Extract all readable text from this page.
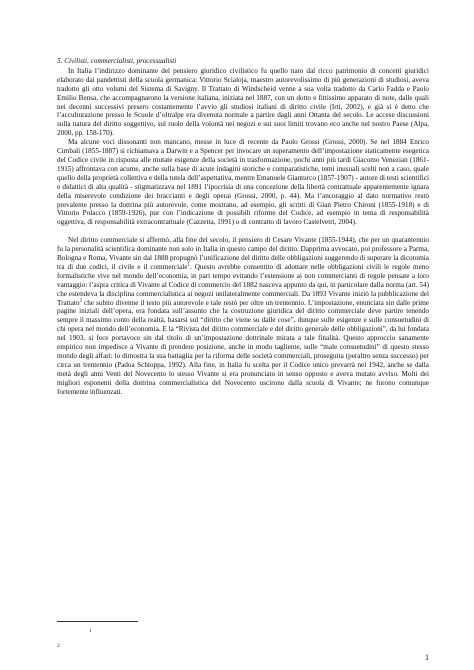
5. Civilisti, commercialisti, processualisti

In Italia l’indirizzo dominante del pensiero giuridico civilistico fu quello nato dal ricco patrimonio di concetti giuridici elaborato dai pandettisti della scuola germanica: Vittorio Scialoja, maestro autorevolissimo di più generazioni di studiosi, aveva tradotto gli otto volumi del Sistema di Savigny. Il Trattato di Windscheid venne a sua volta tradotto da Carlo Fadda e Paolo Emilio Bensa, che accompagnarono la versione italiana, iniziata nel 1887, con un dotto e fittissimo apparato di note, dalle quali nei decenni successivi presero costantemente l’avvio gli studiosi italiani di diritto civile (Irti, 2002), e già si è detto che l’acculturazione presso le Scuole d’oltralpe era divenuta normale a partire dagli anni Ottanta del secolo. Le accese discussioni sulla natura del diritto soggettivo, sul ruolo della volontà nei negozi e sui suoi limiti trovano eco anche nel nostro Paese (Alpa, 2000, pp. 158-170).

Ma alcune voci dissonanti non mancano, messe in luce di recente da Paolo Grossi (Grossi, 2000). Se nel 1884 Enrico Cimbali (1855-1887) si richiamava a Darwin e a Spencer per invocare un superamento dell’impostazione staticamente esegetica del Codice civile in risposta alle mutate esigenze della società in trasformazione, pochi anni più tardi Giacomo Venezian (1861-1915) affrontava con acume, anche sulla base di acute indagini storiche e comparatistiche, temi inusuali scelti non a caso, quale quello della proprietà collettiva e della tutela dell’aspettativa, mentre Emanuele Gianturco (1857-1907) - autore di testi scientifici e didattici di alta qualità - stigmatizzava nel 1891 l’ipocrisia di una concezione della libertà contrattuale apparentemente ignara della miserevole condizione dei braccianti e degli operai (Grossi, 2000, p. 44). Ma l’ancoraggio al dato normativo restò prevalente presso la dottrina più autorevole, come mostrano, ad esempio, gli scritti di Gian Pietro Chironi (1855-1918) e di Vittorio Polacco (1859-1926), pur con l’indicazione di possibili riforme del Codice, ad esempio in tema di responsabilità oggettiva, di responsabilità extracontrattuale (Cazzetta, 1991) o di contratto di lavoro Castelvetri, 2004).

Nel diritto commerciale si affermò, alla fine del secolo, il pensiero di Cesare Vivante (1855-1944), che per un quarantennio fu la personalità scientifica dominante non solo in Italia in questo campo del diritto. Dapprima avvocato, poi professore a Parma, Bologna e Roma, Vivante sin dal 1888 propugnò l’unificazione del diritto delle obbligazioni suggerendo di superare la dicotomia tra di due codici, il civile e il commerciale$^1$. Questo avrebbe consentito di adottare nelle obbligazioni civili le regole meno formalistiche vive nel mondo dell’economia, in pari tempo evitando l’estensione ai non commercianti di regole pensate a loro vantaggio: l’aspra critica di Vivante al Codice di commercio del 1882 nasceva appunto da qui, in particolare dalla norma (art. 54) che estendeva la disciplina commercialistica ai negozi unilateralmente commerciali. Da 1893 Vivante iniziò la pubblicazione del Trattato$^2$ che subito divenne il testo più autorevole e tale restò per oltre un trentennio. L’impostazione, enunciata sin dalle prime pagine iniziali dell’opera, era fondata sull’assunto che la costruzione giuridica del diritto commerciale deve partire tenendo sempre il massimo conto della realtà, basarsi sul “diritto che viene su dalle cose”, dunque sulle esigenze e sulle consuetudini di chi opera nel mondo dell’economia. E la “Rivista del diritto commerciale e del diritto generale delle obbligazioni”, da lui fondata nel 1903, si fece portavoce sin dal titolo di un’impostazione dottrinale mirata a tale finalità. Questo approccio sanamente empirico non impedisce a Vivante di prendere posizione, anche in modo tagliente, sulle “male consuetudini” di questo stesso mondo degli affari: lo dimostra la sua battaglia per la riforma delle società commerciali, proseguita (peraltro senza successo) per circa un trentennio (Padoa Schioppa, 1992). Alla fine, in Italia fu scelta per il Codice unico prevarrà nel 1942, anche se dalla metà degli anni Venti del Novecento lo stesso Vivante si era pronunciato in senso opposto e aveva mutato avviso. Molti dei migliori esponenti della dottrina commercialistica del Novecento uscirono dalla scuola di Vivante; ne furono comunque fortemente influenzati.

1
2
1
